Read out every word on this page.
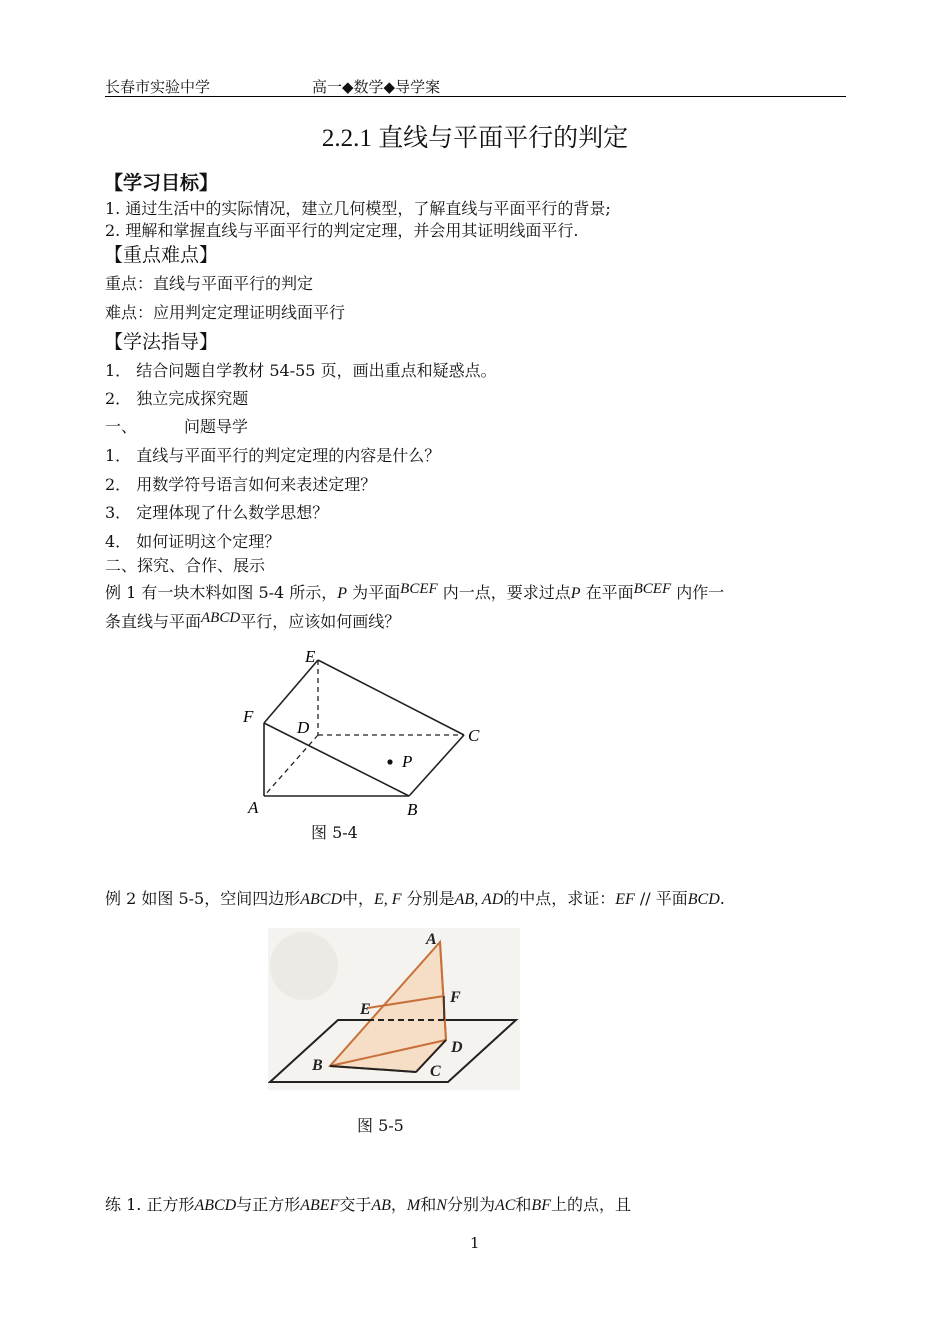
长春市实验中学	高一◆数学◆导学案
2.2.1 直线与平面平行的判定
【学习目标】
1. 通过生活中的实际情况，建立几何模型，了解直线与平面平行的背景;
2. 理解和掌握直线与平面平行的判定定理，并会用其证明线面平行.
【重点难点】
重点：直线与平面平行的判定
难点：应用判定定理证明线面平行
【学法指导】
1． 结合问题自学教材 54-55 页，画出重点和疑惑点。
2． 独立完成探究题
一、	问题导学
1． 直线与平面平行的判定定理的内容是什么？
2． 用数学符号语言如何来表述定理？
3． 定理体现了什么数学思想？
4． 如何证明这个定理？
二、探究、合作、展示
例 1 有一块木料如图 5-4 所示，P 为平面BCEF 内一点，要求过点P 在平面BCEF 内作一
条直线与平面ABCD平行，应该如何画线？
E
F
D	C
A	B
P
图 5-4
例 2 如图 5-5，空间四边形ABCD中，E, F 分别是AB, AD的中点，求证：EF // 平面BCD.
A
E
F
B	C
D
图 5-5
练 1. 正方形ABCD与正方形ABEF交于AB，M和N分别为AC和BF上的点，且
1
